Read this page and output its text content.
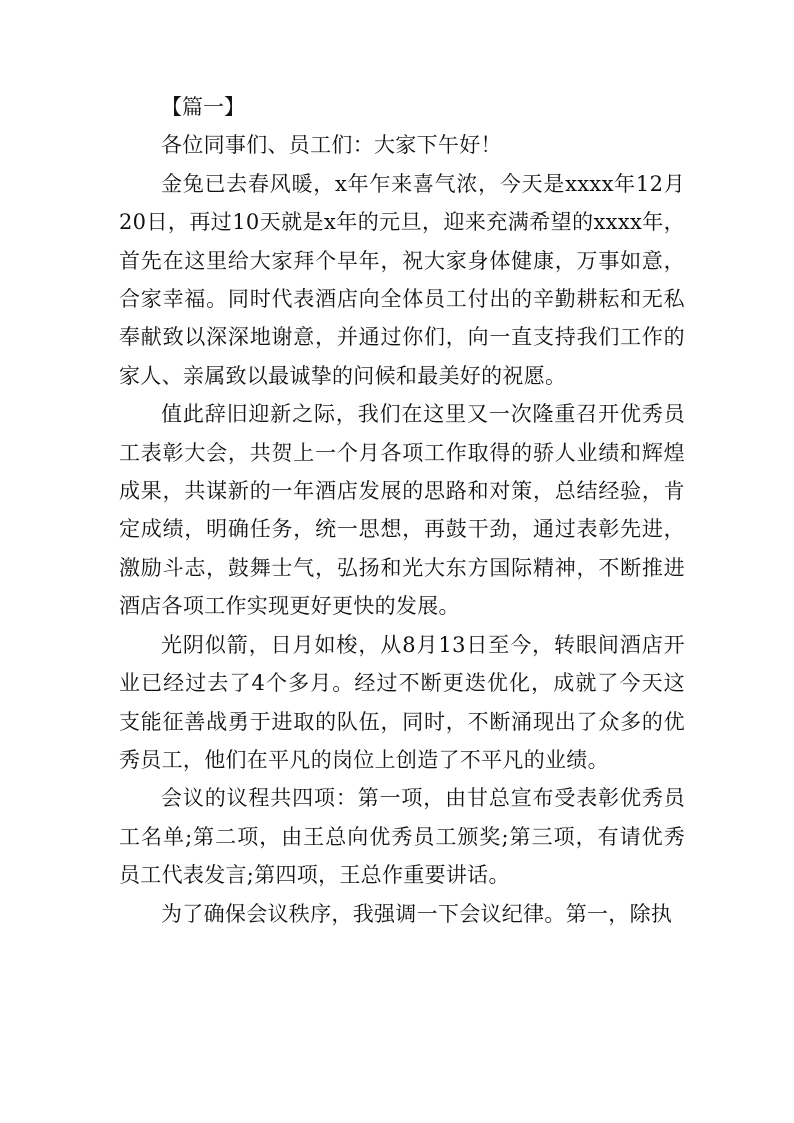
【篇一】

各位同事们、员工们：大家下午好！

金兔已去春风暖，x年乍来喜气浓，今天是xxxx年12月20日，再过10天就是x年的元旦，迎来充满希望的xxxx年，首先在这里给大家拜个早年，祝大家身体健康，万事如意，合家幸福。同时代表酒店向全体员工付出的辛勤耕耘和无私奉献致以深深地谢意，并通过你们，向一直支持我们工作的家人、亲属致以最诚挚的问候和最美好的祝愿。

值此辞旧迎新之际，我们在这里又一次隆重召开优秀员工表彰大会，共贺上一个月各项工作取得的骄人业绩和辉煌成果，共谋新的一年酒店发展的思路和对策，总结经验，肯定成绩，明确任务，统一思想，再鼓干劲，通过表彰先进，激励斗志，鼓舞士气，弘扬和光大东方国际精神，不断推进酒店各项工作实现更好更快的发展。

光阴似箭，日月如梭，从8月13日至今，转眼间酒店开业已经过去了4个多月。经过不断更迭优化，成就了今天这支能征善战勇于进取的队伍，同时，不断涌现出了众多的优秀员工，他们在平凡的岗位上创造了不平凡的业绩。

会议的议程共四项：第一项，由甘总宣布受表彰优秀员工名单;第二项，由王总向优秀员工颁奖;第三项，有请优秀员工代表发言;第四项，王总作重要讲话。

为了确保会议秩序，我强调一下会议纪律。第一，除执
